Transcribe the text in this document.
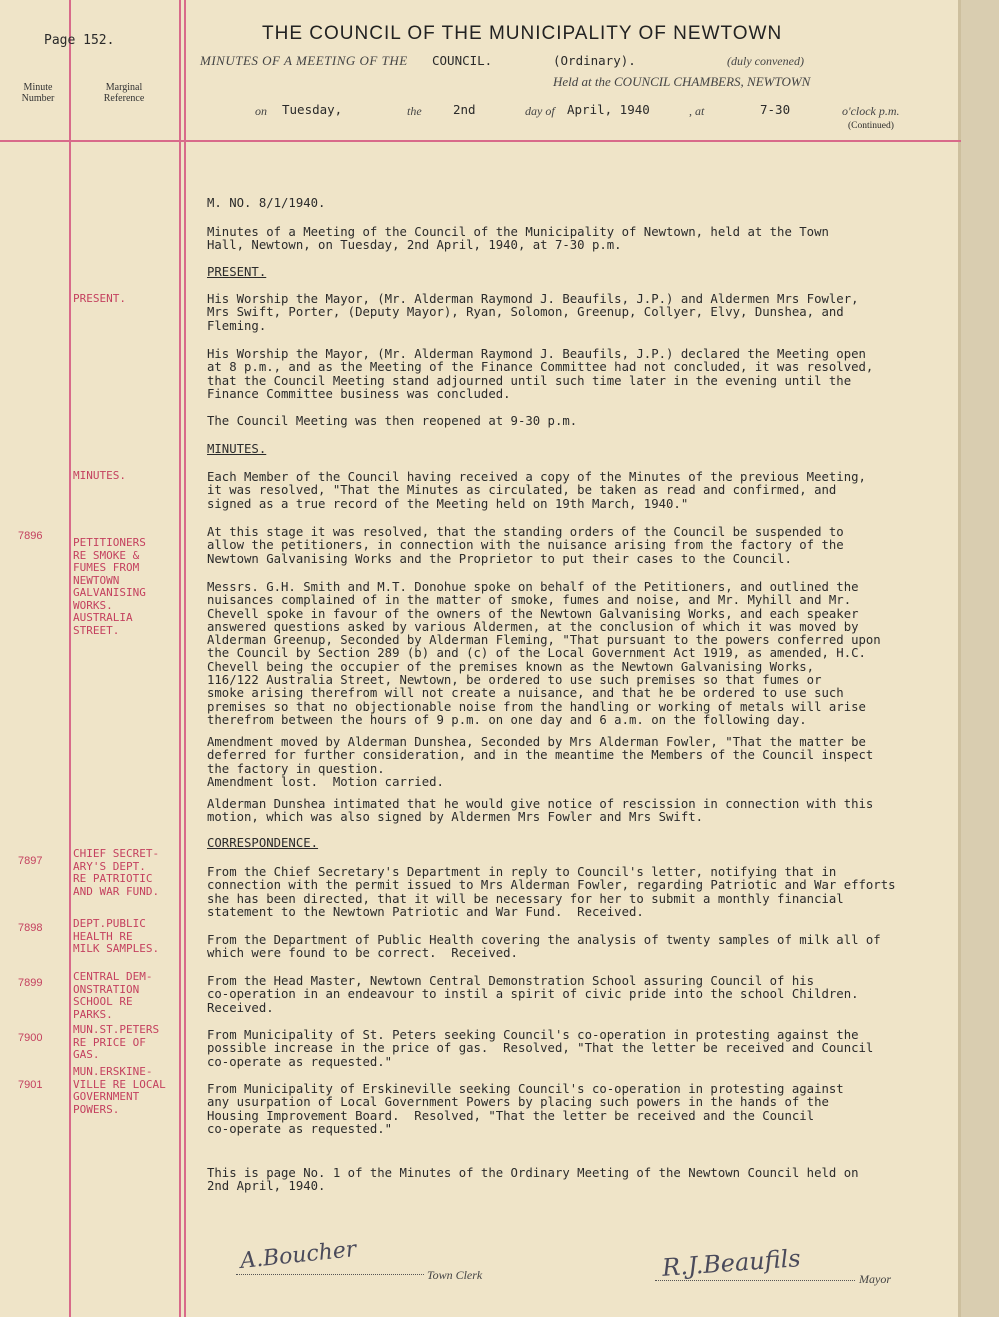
Page 152.
Minute
Number
Marginal
Reference
THE COUNCIL OF THE MUNICIPALITY OF NEWTOWN
MINUTES OF A MEETING OF THE COUNCIL.	(Ordinary).	(duly convened)
Held at the COUNCIL CHAMBERS, NEWTOWN
on Tuesday,	the	2nd	day of April, 1940	, at	7-30	o'clock p.m.
(Continued)
M. NO. 8/1/1940.
Minutes of a Meeting of the Council of the Municipality of Newtown, held at the Town
Hall, Newtown, on Tuesday, 2nd April, 1940, at 7-30 p.m.
PRESENT.
PRESENT.	His Worship the Mayor, (Mr. Alderman Raymond J. Beaufils, J.P.) and Aldermen Mrs Fowler,
Mrs Swift, Porter, (Deputy Mayor), Ryan, Solomon, Greenup, Collyer, Elvy, Dunshea, and
Fleming.
His Worship the Mayor, (Mr. Alderman Raymond J. Beaufils, J.P.) declared the Meeting open
at 8 p.m., and as the Meeting of the Finance Committee had not concluded, it was resolved,
that the Council Meeting stand adjourned until such time later in the evening until the
Finance Committee business was concluded.
The Council Meeting was then reopened at 9-30 p.m.
MINUTES.
MINUTES.	Each Member of the Council having received a copy of the Minutes of the previous Meeting,
it was resolved, "That the Minutes as circulated, be taken as read and confirmed, and
signed as a true record of the Meeting held on 19th March, 1940."
7896	PETITIONERS
RE SMOKE &
FUMES FROM
NEWTOWN
GALVANISING
WORKS.
AUSTRALIA
STREET.
At this stage it was resolved, that the standing orders of the Council be suspended to
allow the petitioners, in connection with the nuisance arising from the factory of the
Newtown Galvanising Works and the Proprietor to put their cases to the Council.
Messrs. G.H. Smith and M.T. Donohue spoke on behalf of the Petitioners, and outlined the
nuisances complained of in the matter of smoke, fumes and noise, and Mr. Myhill and Mr.
Chevell spoke in favour of the owners of the Newtown Galvanising Works, and each speaker
answered questions asked by various Aldermen, at the conclusion of which it was moved by
Alderman Greenup, Seconded by Alderman Fleming, "That pursuant to the powers conferred upon
the Council by Section 289 (b) and (c) of the Local Government Act 1919, as amended, H.C.
Chevell being the occupier of the premises known as the Newtown Galvanising Works,
116/122 Australia Street, Newtown, be ordered to use such premises so that fumes or
smoke arising therefrom will not create a nuisance, and that he be ordered to use such
premises so that no objectionable noise from the handling or working of metals will arise
therefrom between the hours of 9 p.m. on one day and 6 a.m. on the following day.
Amendment moved by Alderman Dunshea, Seconded by Mrs Alderman Fowler, "That the matter be
deferred for further consideration, and in the meantime the Members of the Council inspect
the factory in question.
Amendment lost.  Motion carried.
Alderman Dunshea intimated that he would give notice of rescission in connection with this
motion, which was also signed by Aldermen Mrs Fowler and Mrs Swift.
CORRESPONDENCE.
7897
CHIEF SECRET-
ARY'S DEPT.
RE PATRIOTIC
AND WAR FUND.
From the Chief Secretary's Department in reply to Council's letter, notifying that in
connection with the permit issued to Mrs Alderman Fowler, regarding Patriotic and War efforts
she has been directed, that it will be necessary for her to submit a monthly financial
statement to the Newtown Patriotic and War Fund.  Received.
7898	DEPT.PUBLIC
HEALTH RE
MILK SAMPLES.
From the Department of Public Health covering the analysis of twenty samples of milk all of
which were found to be correct.  Received.
7899	CENTRAL DEM-
ONSTRATION
SCHOOL RE
PARKS.
From the Head Master, Newtown Central Demonstration School assuring Council of his
co-operation in an endeavour to instil a spirit of civic pride into the school Children.
Received.
7900
MUN.ST.PETERS
RE PRICE OF
GAS.
From Municipality of St. Peters seeking Council's co-operation in protesting against the
possible increase in the price of gas.  Resolved, "That the letter be received and Council
co-operate as requested."
7901
MUN.ERSKINE-
VILLE RE LOCAL
GOVERNMENT
POWERS.
From Municipality of Erskineville seeking Council's co-operation in protesting against
any usurpation of Local Government Powers by placing such powers in the hands of the
Housing Improvement Board.  Resolved, "That the letter be received and the Council
co-operate as requested."
This is page No. 1 of the Minutes of the Ordinary Meeting of the Newtown Council held on
2nd April, 1940.
A.Boucher
Town Clerk	R.J.Beaufils	Mayor
